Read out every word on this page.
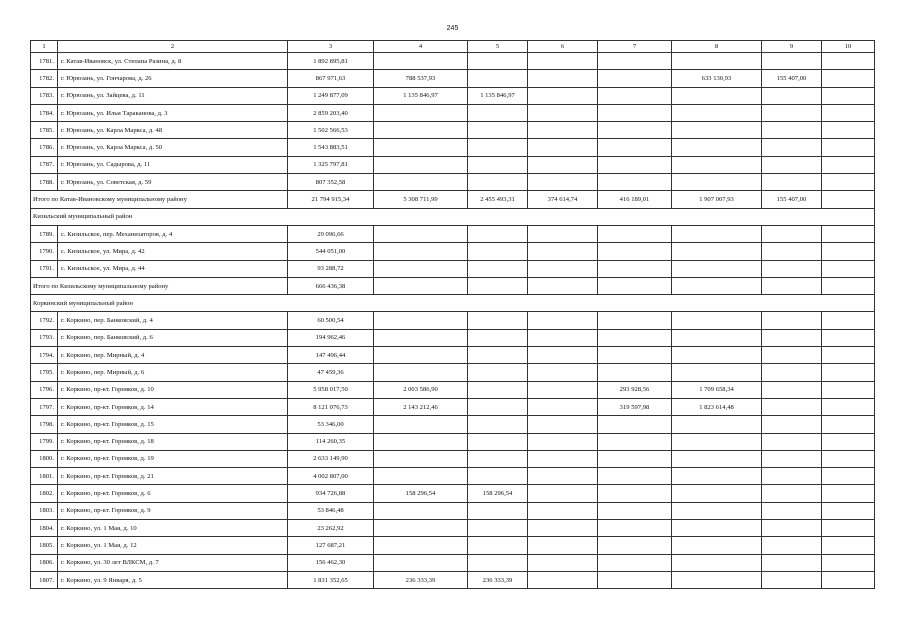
245
1	2	3	4	5	6	7	8	9	10
1781.	г. Катав-Ивановск, ул. Степана Разина, д. 8	1 892 895,81							
1782.	г. Юрюзань, ул. Гончарова, д. 26	867 971,63	788 537,93				633 130,93	155 407,00	
1783.	г. Юрюзань, ул. Зайцева, д. 11	1 249 877,09	1 135 846,97	1 135 846,97					
1784.	г. Юрюзань, ул. Ильи Тараканова, д. 3	2 859 203,40							
1785.	г. Юрюзань, ул. Карла Маркса, д. 48	1 502 566,53							
1786.	г. Юрюзань, ул. Карла Маркса, д. 50	1 543 883,51							
1787.	г. Юрюзань, ул. Садырова, д. 11	1 325 797,81							
1788.	г. Юрюзань, ул. Советская, д. 59	807 352,58							
Итого по Катав-Ивановскому муниципальному району		21 794 915,34	5 308 711,99	2 455 493,31	374 614,74	416 189,01	1 907 007,93	155 407,00	
Кизильский муниципальный район									
1789.	с. Кизильское, пер. Механизаторов, д. 4	29 096,66							
1790.	с. Кизильское, ул. Мира, д. 42	544 051,00							
1791.	с. Кизильское, ул. Мира, д. 44	93 288,72							
Итого по Кизильскому муниципальному району		666 436,38							
Коркинский муниципальный район									
1792.	г. Коркино, пер. Банковский, д. 4	60 500,54							
1793.	г. Коркино, пер. Банковский, д. 6	194 962,46							
1794.	г. Коркино, пер. Мирный, д. 4	147 496,44							
1795.	г. Коркино, пер. Мирный, д. 6	47 459,36							
1796.	г. Коркино, пр-кт. Горняков, д. 10	5 958 017,50	2 003 586,90			293 928,56	1 709 658,34		
1797.	г. Коркино, пр-кт. Горняков, д. 14	8 121 076,73	2 143 212,46			319 597,98	1 823 614,48		
1798.	г. Коркино, пр-кт. Горняков, д. 15	53 346,00							
1799.	г. Коркино, пр-кт. Горняков, д. 18	114 260,35							
1800.	г. Коркино, пр-кт. Горняков, д. 19	2 633 149,90							
1801.	г. Коркино, пр-кт. Горняков, д. 21	4 002 807,00							
1802.	г. Коркино, пр-кт. Горняков, д. 6	934 726,88	158 296,54	158 296,54					
1803.	г. Коркино, пр-кт. Горняков, д. 9	53 846,48							
1804.	г. Коркино, ул. 1 Мая, д. 10	23 262,92							
1805.	г. Коркино, ул. 1 Мая, д. 12	127 687,21							
1806.	г. Коркино, ул. 30 лет ВЛКСМ, д. 7	156 462,30							
1807.	г. Коркино, ул. 9 Января, д. 5	1 831 352,65	236 333,39	236 333,39					
